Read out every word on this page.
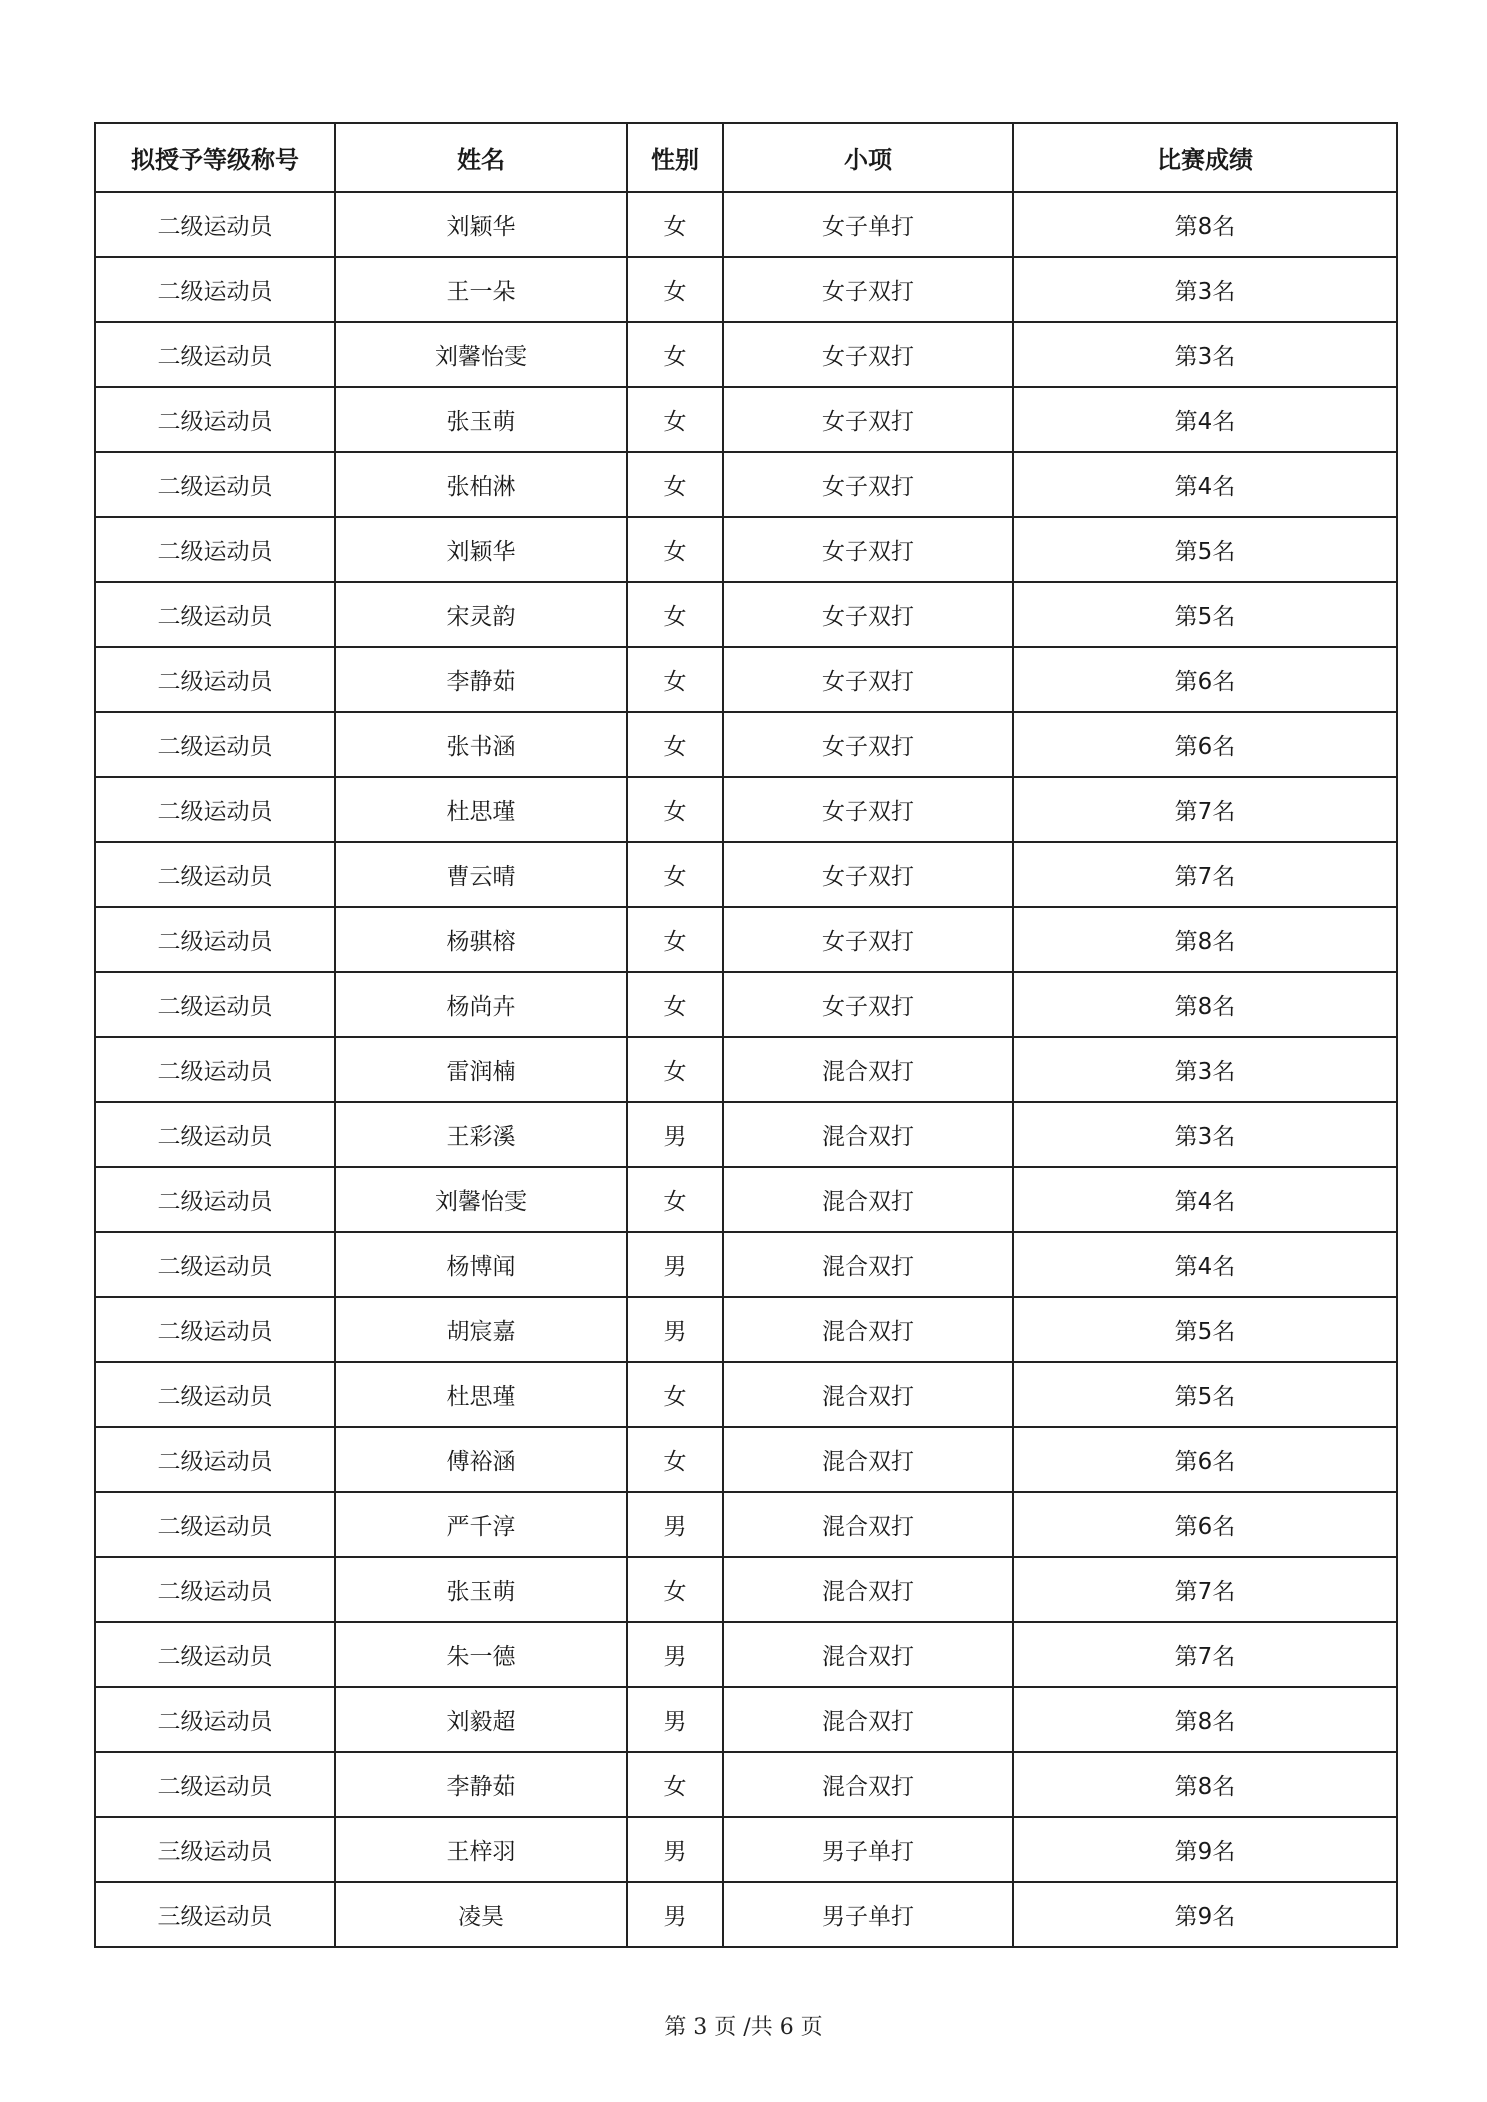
拟授予等级称号	姓名	性别	小项	比赛成绩
二级运动员	刘颖华	女	女子单打	第8名
二级运动员	王一朵	女	女子双打	第3名
二级运动员	刘馨怡雯	女	女子双打	第3名
二级运动员	张玉萌	女	女子双打	第4名
二级运动员	张柏淋	女	女子双打	第4名
二级运动员	刘颖华	女	女子双打	第5名
二级运动员	宋灵韵	女	女子双打	第5名
二级运动员	李静茹	女	女子双打	第6名
二级运动员	张书涵	女	女子双打	第6名
二级运动员	杜思瑾	女	女子双打	第7名
二级运动员	曹云晴	女	女子双打	第7名
二级运动员	杨骐榕	女	女子双打	第8名
二级运动员	杨尚卉	女	女子双打	第8名
二级运动员	雷润楠	女	混合双打	第3名
二级运动员	王彩溪	男	混合双打	第3名
二级运动员	刘馨怡雯	女	混合双打	第4名
二级运动员	杨博闻	男	混合双打	第4名
二级运动员	胡宸嘉	男	混合双打	第5名
二级运动员	杜思瑾	女	混合双打	第5名
二级运动员	傅裕涵	女	混合双打	第6名
二级运动员	严千淳	男	混合双打	第6名
二级运动员	张玉萌	女	混合双打	第7名
二级运动员	朱一德	男	混合双打	第7名
二级运动员	刘毅超	男	混合双打	第8名
二级运动员	李静茹	女	混合双打	第8名
三级运动员	王梓羽	男	男子单打	第9名
三级运动员	凌昊	男	男子单打	第9名
第 3 页 /共 6 页
